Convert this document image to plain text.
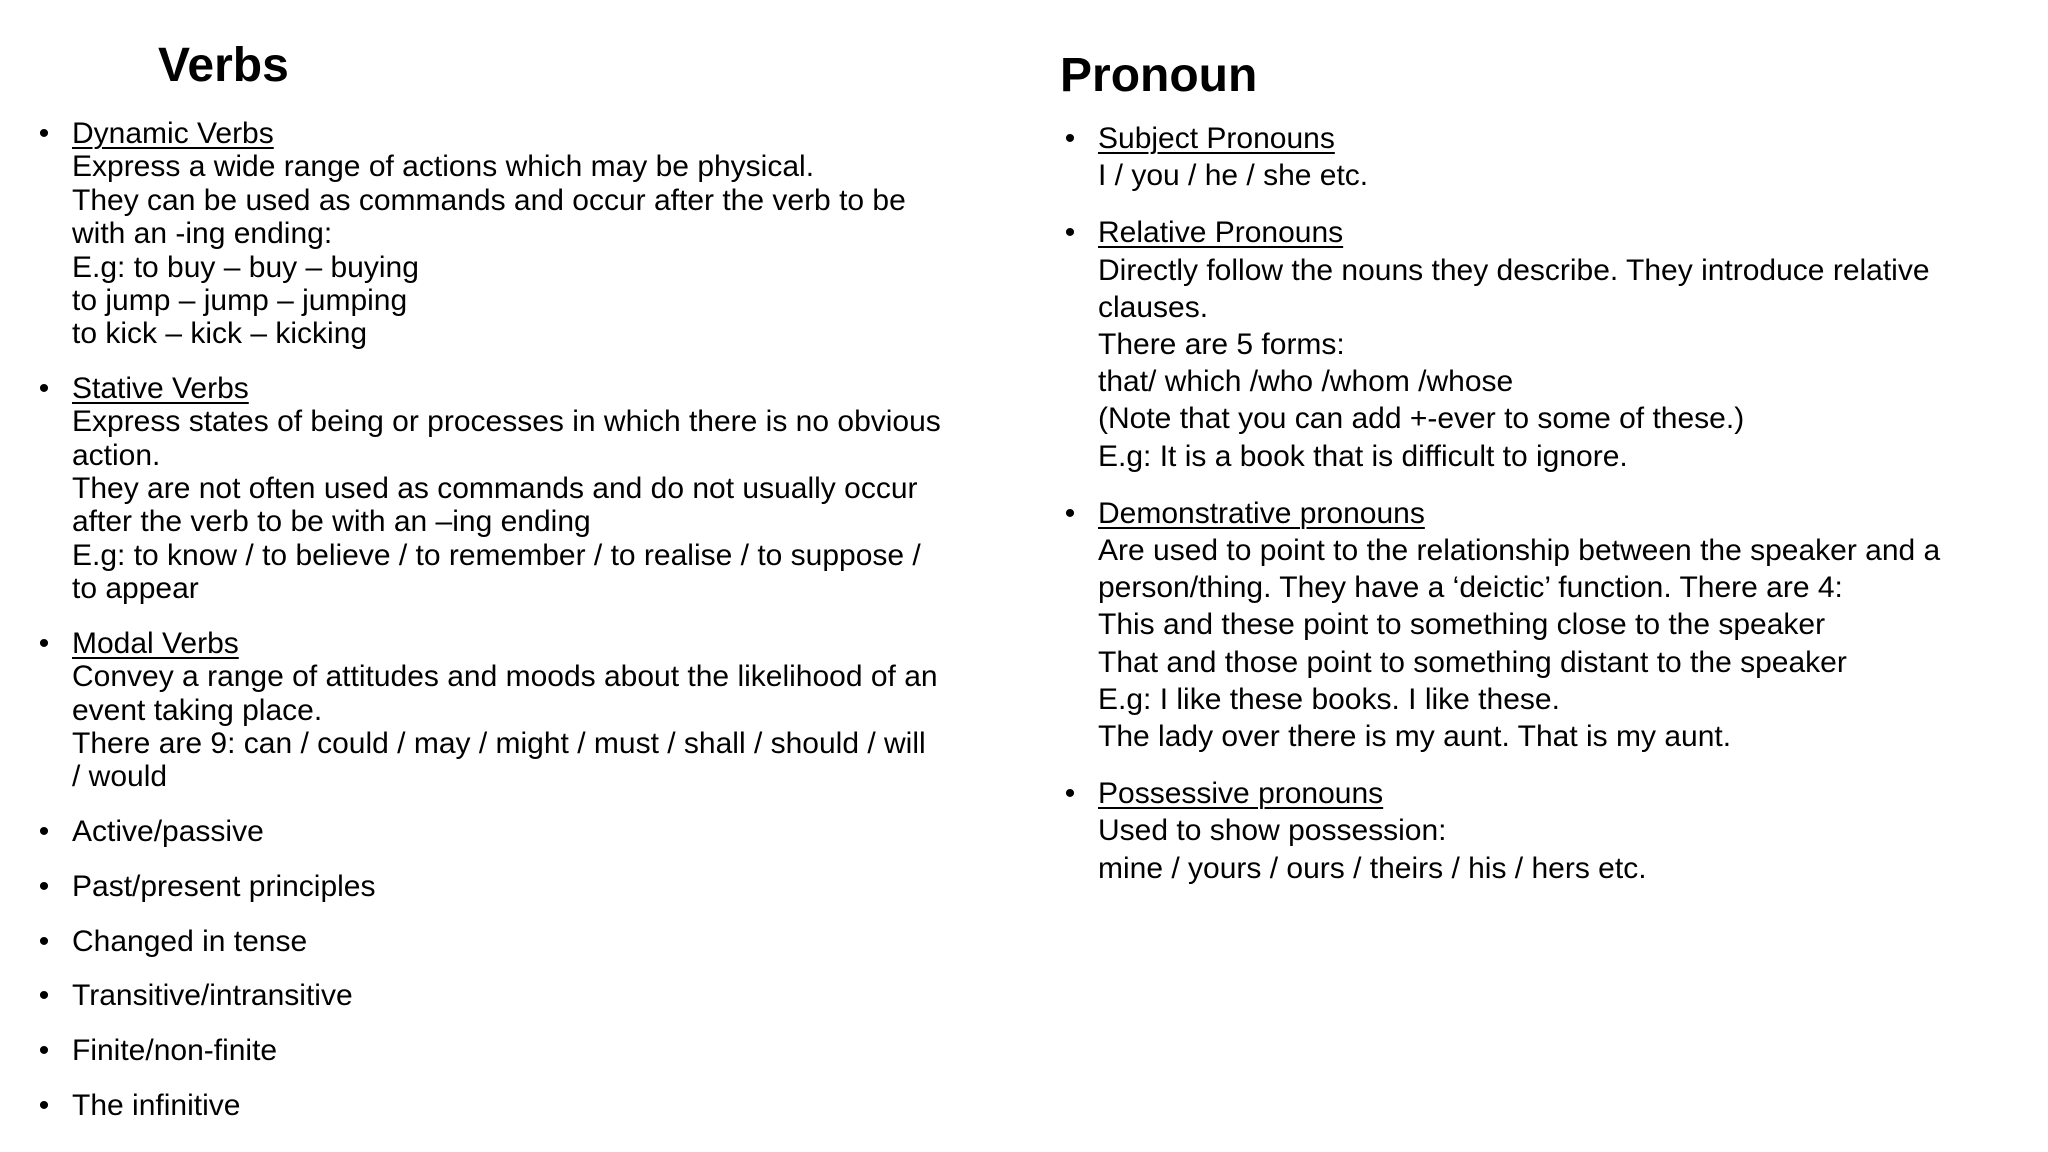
Verbs	Pronoun
• Dynamic Verbs
Express a wide range of actions which may be physical.
They can be used as commands and occur after the verb to be
with an -ing ending:
E.g: to buy – buy – buying
to jump – jump – jumping
to kick – kick – kicking
• Stative Verbs
Express states of being or processes in which there is no obvious
action.
They are not often used as commands and do not usually occur
after the verb to be with an –ing ending
E.g: to know / to believe / to remember / to realise / to suppose /
to appear
• Modal Verbs
Convey a range of attitudes and moods about the likelihood of an
event taking place.
There are 9: can / could / may / might / must / shall / should / will
/ would
• Active/passive
• Past/present principles
• Changed in tense
• Transitive/intransitive
• Finite/non-finite
• The infinitive
• Subject Pronouns
I / you / he / she etc.
• Relative Pronouns
Directly follow the nouns they describe. They introduce relative
clauses.
There are 5 forms:
that/ which /who /whom /whose
(Note that you can add +-ever to some of these.)
E.g: It is a book that is difficult to ignore.
• Demonstrative pronouns
Are used to point to the relationship between the speaker and a
person/thing. They have a ‘deictic’ function. There are 4:
This and these point to something close to the speaker
That and those point to something distant to the speaker
E.g: I like these books. I like these.
The lady over there is my aunt. That is my aunt.
• Possessive pronouns
Used to show possession:
mine / yours / ours / theirs / his / hers etc.
